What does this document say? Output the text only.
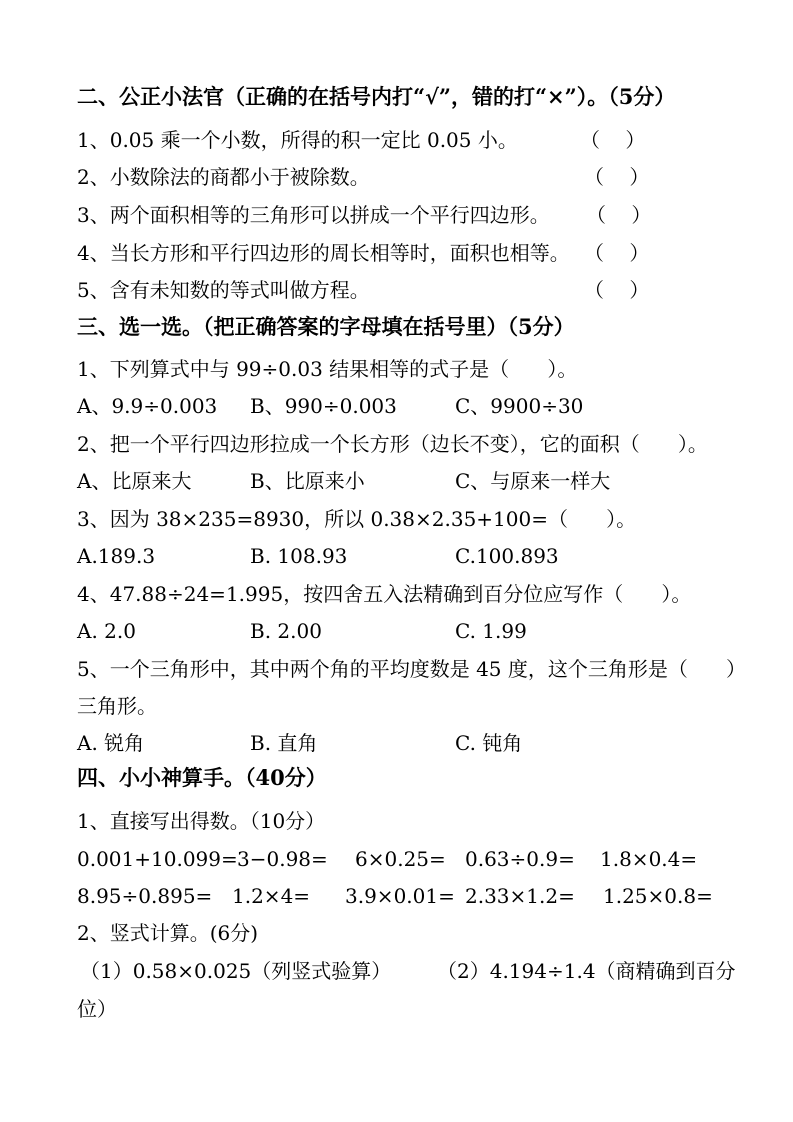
二、公正小法官（正确的在括号内打“√”，错的打“×”）。（5分）
1、0.05 乘一个小数，所得的积一定比 0.05 小。	（    ）
2、小数除法的商都小于被除数。	（    ）
3、两个面积相等的三角形可以拼成一个平行四边形。 （    ）
4、当长方形和平行四边形的周长相等时，面积也相等。 （    ）
5、含有未知数的等式叫做方程。	（    ）
三、选一选。（把正确答案的字母填在括号里）（5分）
1、下列算式中与 99÷0.03 结果相等的式子是（      ）。
A、9.9÷0.003 B、990÷0.003	C、9900÷30
2、把一个平行四边形拉成一个长方形（边长不变），它的面积（      ）。
A、比原来大	B、比原来小	C、与原来一样大
3、因为 38×235=8930，所以 0.38×2.35+100=（      ）。
A.189.3	B. 108.93	C.100.893
4、47.88÷24=1.995，按四舍五入法精确到百分位应写作（      ）。
A. 2.0	B. 2.00	C. 1.99
5、一个三角形中，其中两个角的平均度数是 45 度，这个三角形是（      ）
三角形。
A. 锐角	B. 直角	C. 钝角
四、小小神算手。（40分）
1、直接写出得数。（10分）
0.001+10.099= 3−0.98= 6×0.25= 0.63÷0.9= 1.8×0.4=
8.95÷0.895= 1.2×4= 3.9×0.01= 2.33×1.2= 1.25×0.8=
2、竖式计算。(6分)
（1）0.58×0.025（列竖式验算） （2）4.194÷1.4（商精确到百分
位）
